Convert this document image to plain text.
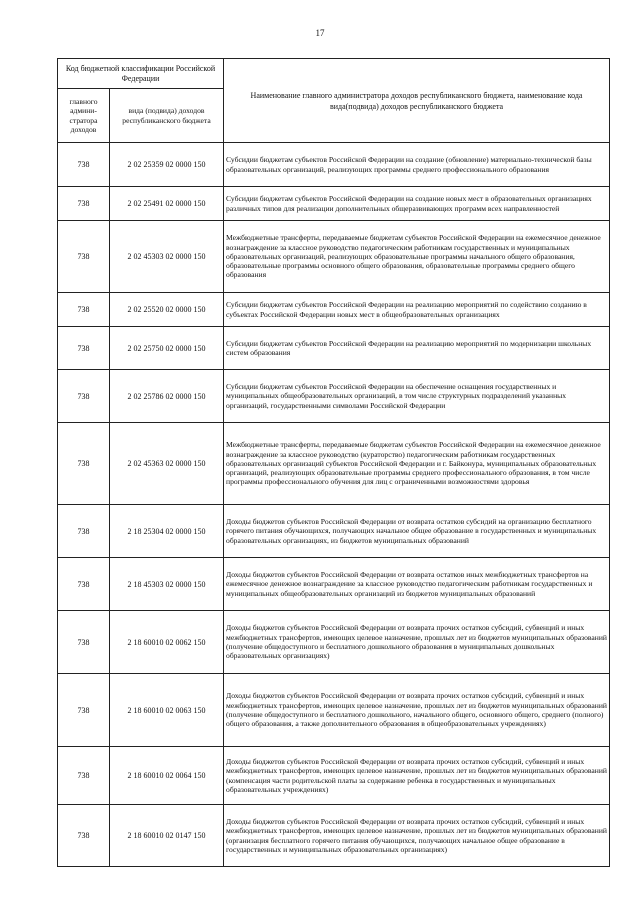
17
Код бюджетной классификации Российской Федерации		Наименование главного администратора доходов республиканского бюджета, наименование кода вида(подвида) доходов республиканского бюджета
главного админи-стратора доходов	вида (подвида) доходов республиканского бюджета	
738	2 02 25359 02 0000 150	Субсидии бюджетам субъектов Российской Федерации на создание (обновление) материально-технической базы образовательных организаций, реализующих программы среднего профессионального образования
738	2 02 25491 02 0000 150	Субсидии бюджетам субъектов Российской Федерации на создание новых мест в образовательных организациях различных типов для реализации дополнительных общеразвивающих программ всех направленностей
738	2 02 45303 02 0000 150	Межбюджетные трансферты, передаваемые бюджетам субъектов Российской Федерации на ежемесячное денежное вознаграждение за классное руководство педагогическим работникам государственных и муниципальных образовательных организаций, реализующих образовательные программы начального общего образования, образовательные программы основного общего образования, образовательные программы среднего общего образования
738	2 02 25520 02 0000 150	Субсидии бюджетам субъектов Российской Федерации на реализацию мероприятий по содействию созданию в субъектах Российской Федерации новых мест в общеобразовательных организациях
738	2 02 25750 02 0000 150	Субсидии бюджетам субъектов Российской Федерации на реализацию мероприятий по модернизации школьных систем образования
738	2 02 25786 02 0000 150	Субсидии бюджетам субъектов Российской Федерации на обеспечение оснащения государственных и муниципальных общеобразовательных организаций, в том числе структурных подразделений указанных организаций, государственными символами Российской Федерации
738	2 02 45363 02 0000 150	Межбюджетные трансферты, передаваемые бюджетам субъектов Российской Федерации на ежемесячное денежное вознаграждение за классное руководство (кураторство) педагогическим работникам государственных образовательных организаций субъектов Российской Федерации и г. Байконура, муниципальных образовательных организаций, реализующих образовательные программы среднего профессионального образования, в том числе программы профессионального обучения для лиц с ограниченными возможностями здоровья
738	2 18 25304 02 0000 150	Доходы бюджетов субъектов Российской Федерации от возврата остатков субсидий на организацию бесплатного горячего питания обучающихся, получающих начальное общее образование в государственных и муниципальных образовательных организациях, из бюджетов муниципальных образований
738	2 18 45303 02 0000 150	Доходы бюджетов субъектов Российской Федерации от возврата остатков иных межбюджетных трансфертов на ежемесячное денежное вознаграждение за классное руководство педагогическим работникам государственных и муниципальных общеобразовательных организаций из бюджетов муниципальных образований
738	2 18 60010 02 0062 150	Доходы бюджетов субъектов Российской Федерации от возврата прочих остатков субсидий, субвенций и иных межбюджетных трансфертов, имеющих целевое назначение, прошлых лет из бюджетов муниципальных образований (получение общедоступного и бесплатного дошкольного образования в муниципальных дошкольных образовательных организациях)
738	2 18 60010 02 0063 150	Доходы бюджетов субъектов Российской Федерации от возврата прочих остатков субсидий, субвенций и иных межбюджетных трансфертов, имеющих целевое назначение, прошлых лет из бюджетов муниципальных образований (получение общедоступного и бесплатного дошкольного, начального общего, основного общего, среднего (полного) общего образования, а также дополнительного образования в общеобразовательных учреждениях)
738	2 18 60010 02 0064 150	Доходы бюджетов субъектов Российской Федерации от возврата прочих остатков субсидий, субвенций и иных межбюджетных трансфертов, имеющих целевое назначение, прошлых лет из бюджетов муниципальных образований (компенсация части родительской платы за содержание ребенка в государственных и муниципальных образовательных учреждениях)
738	2 18 60010 02 0147 150	Доходы бюджетов субъектов Российской Федерации от возврата прочих остатков субсидий, субвенций и иных межбюджетных трансфертов, имеющих целевое назначение, прошлых лет из бюджетов муниципальных образований (организация бесплатного горячего питания обучающихся, получающих начальное общее образование в государственных и муниципальных образовательных организациях)
